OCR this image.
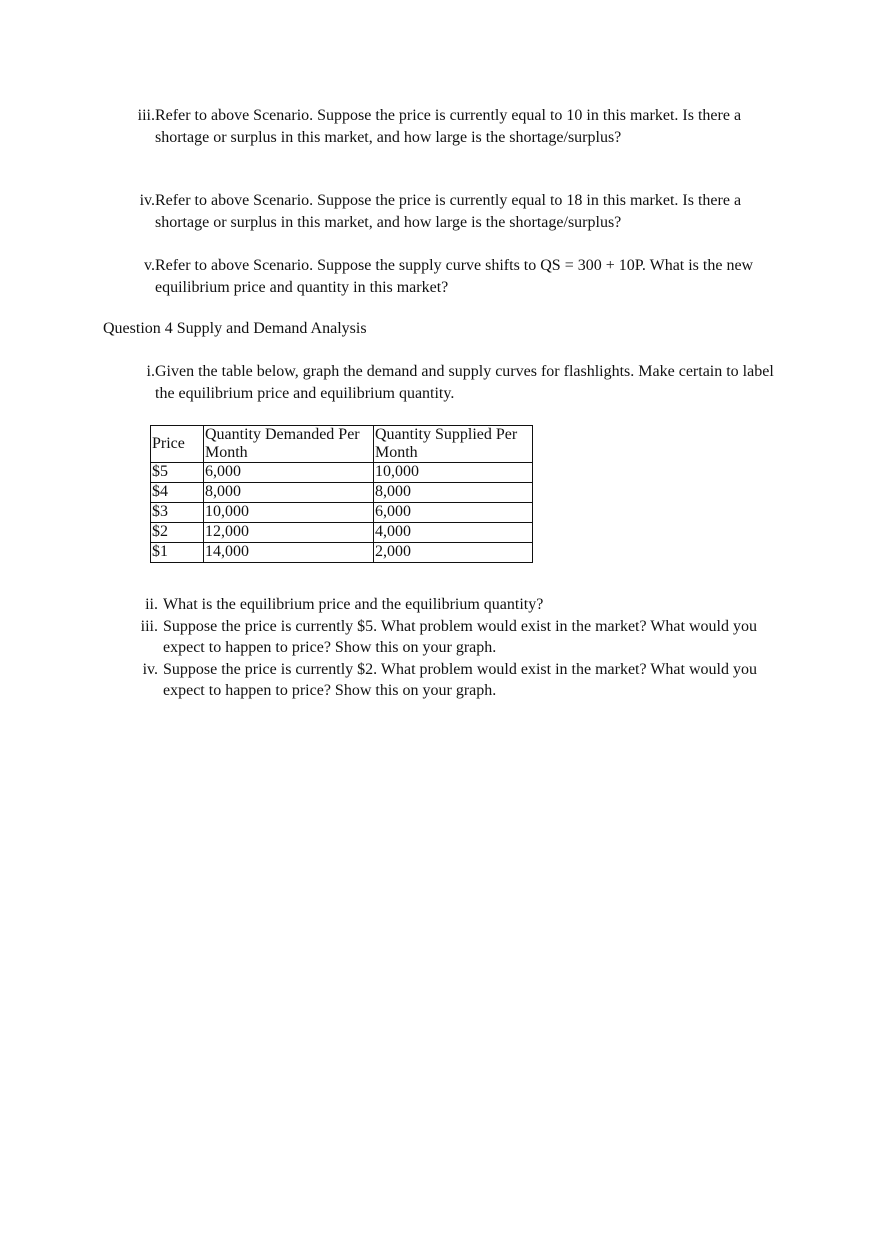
iii. Refer to above Scenario. Suppose the price is currently equal to 10 in this market. Is there a shortage or surplus in this market, and how large is the shortage/surplus?
iv. Refer to above Scenario. Suppose the price is currently equal to 18 in this market. Is there a shortage or surplus in this market, and how large is the shortage/surplus?
v. Refer to above Scenario. Suppose the supply curve shifts to QS = 300 + 10P. What is the new equilibrium price and quantity in this market?
Question 4 Supply and Demand Analysis
i. Given the table below, graph the demand and supply curves for flashlights. Make certain to label the equilibrium price and equilibrium quantity.
Price	Quantity Demanded Per Month	Quantity Supplied Per Month
$5	6,000	10,000
$4	8,000	8,000
$3	10,000	6,000
$2	12,000	4,000
$1	14,000	2,000
ii. What is the equilibrium price and the equilibrium quantity?
iii. Suppose the price is currently $5. What problem would exist in the market? What would you expect to happen to price? Show this on your graph.
iv. Suppose the price is currently $2. What problem would exist in the market? What would you expect to happen to price? Show this on your graph.
